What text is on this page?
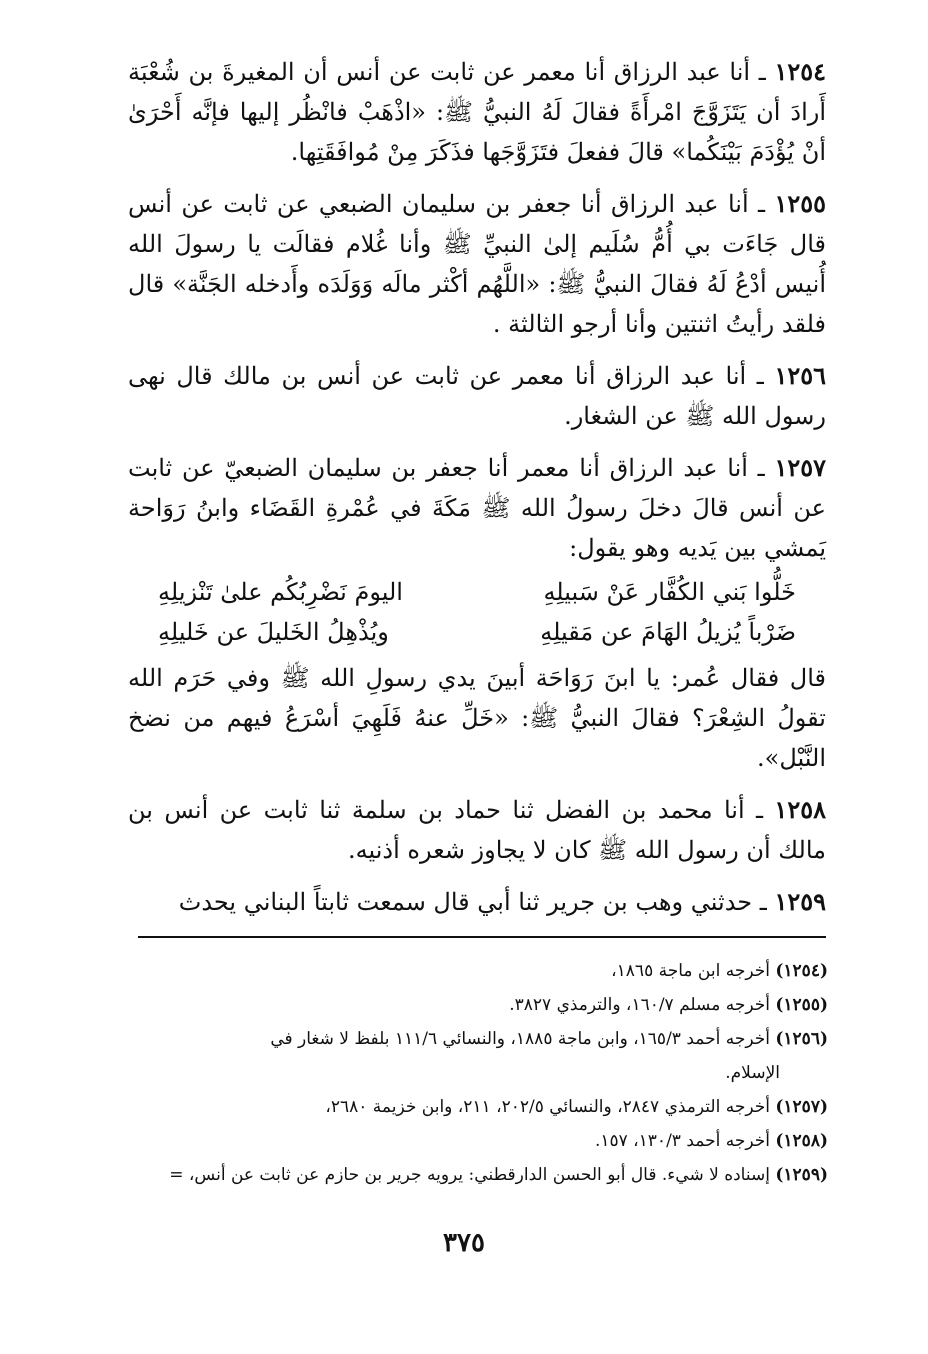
١٢٥٤ ـ أنا عبد الرزاق أنا معمر عن ثابت عن أنس أن المغيرةَ بن شُعْبَة أَرادَ أن يَتَزَوَّجَ امْرأَةً فقالَ لَهُ النبيُّ ﷺ: «اذْهَبْ فانْظُر إليها فإنَّه أَحْرَىٰ أنْ يُؤْدَمَ بَيْنَكُما» قالَ ففعلَ فتَزَوَّجَها فذَكَرَ مِنْ مُوافَقَتِها.

١٢٥٥ ـ أنا عبد الرزاق أنا جعفر بن سليمان الضبعي عن ثابت عن أنس قال جَاءَت بي أُمُّ سُلَيم إلىٰ النبيِّ ﷺ وأنا غُلام فقالَت يا رسولَ الله أُنيس أدْعُ لَهُ فقالَ النبيُّ ﷺ: «اللَّهُم أكْثر مالَه وَوَلَدَه وأَدخله الجَنَّة» قال فلقد رأيتُ اثنتين وأنا أرجو الثالثة .

١٢٥٦ ـ أنا عبد الرزاق أنا معمر عن ثابت عن أنس بن مالك قال نهى رسول الله ﷺ عن الشغار.

١٢٥٧ ـ أنا عبد الرزاق أنا معمر أنا جعفر بن سليمان الضبعيّ عن ثابت عن أنس قالَ دخلَ رسولُ الله ﷺ مَكَةَ في عُمْرةِ القَضَاء وابنُ رَوَاحة يَمشي بين يَديه وهو يقول:

خَلُّوا بَني الكُفَّار عَنْ سَبيلِهِ
اليومَ نَضْرِبُكُم علىٰ تَنْزيلِهِ
ضَرْباً يُزيلُ الهَامَ عن مَقيلِهِ
ويُذْهِلُ الخَليلَ عن خَليلِهِ

قال فقال عُمر: يا ابنَ رَوَاحَة أبينَ يدي رسولِ الله ﷺ وفي حَرَم الله تقولُ الشِعْرَ؟ فقالَ النبيُّ ﷺ: «خَلِّ عنهُ فَلَهِيَ أسْرَعُ فيهم من نضخ النَّبْل».

١٢٥٨ ـ أنا محمد بن الفضل ثنا حماد بن سلمة ثنا ثابت عن أنس بن مالك أن رسول الله ﷺ كان لا يجاوز شعره أذنيه.

١٢٥٩ ـ حدثني وهب بن جرير ثنا أبي قال سمعت ثابتاً البناني يحدث

(١٢٥٤) أخرجه ابن ماجة ١٨٦٥،

(١٢٥٥) أخرجه مسلم ١٦٠/٧، والترمذي ٣٨٢٧.

(١٢٥٦) أخرجه أحمد ١٦٥/٣، وابن ماجة ١٨٨٥، والنسائي ١١١/٦ بلفظ لا شغار في

الإسلام.

(١٢٥٧) أخرجه الترمذي ٢٨٤٧، والنسائي ٢٠٢/٥، ٢١١، وابن خزيمة ٢٦٨٠،

(١٢٥٨) أخرجه أحمد ١٣٠/٣، ١٥٧.

(١٢٥٩) إسناده لا شيء. قال أبو الحسن الدارقطني: يرويه جرير بن حازم عن ثابت عن أنس، =

٣٧٥
